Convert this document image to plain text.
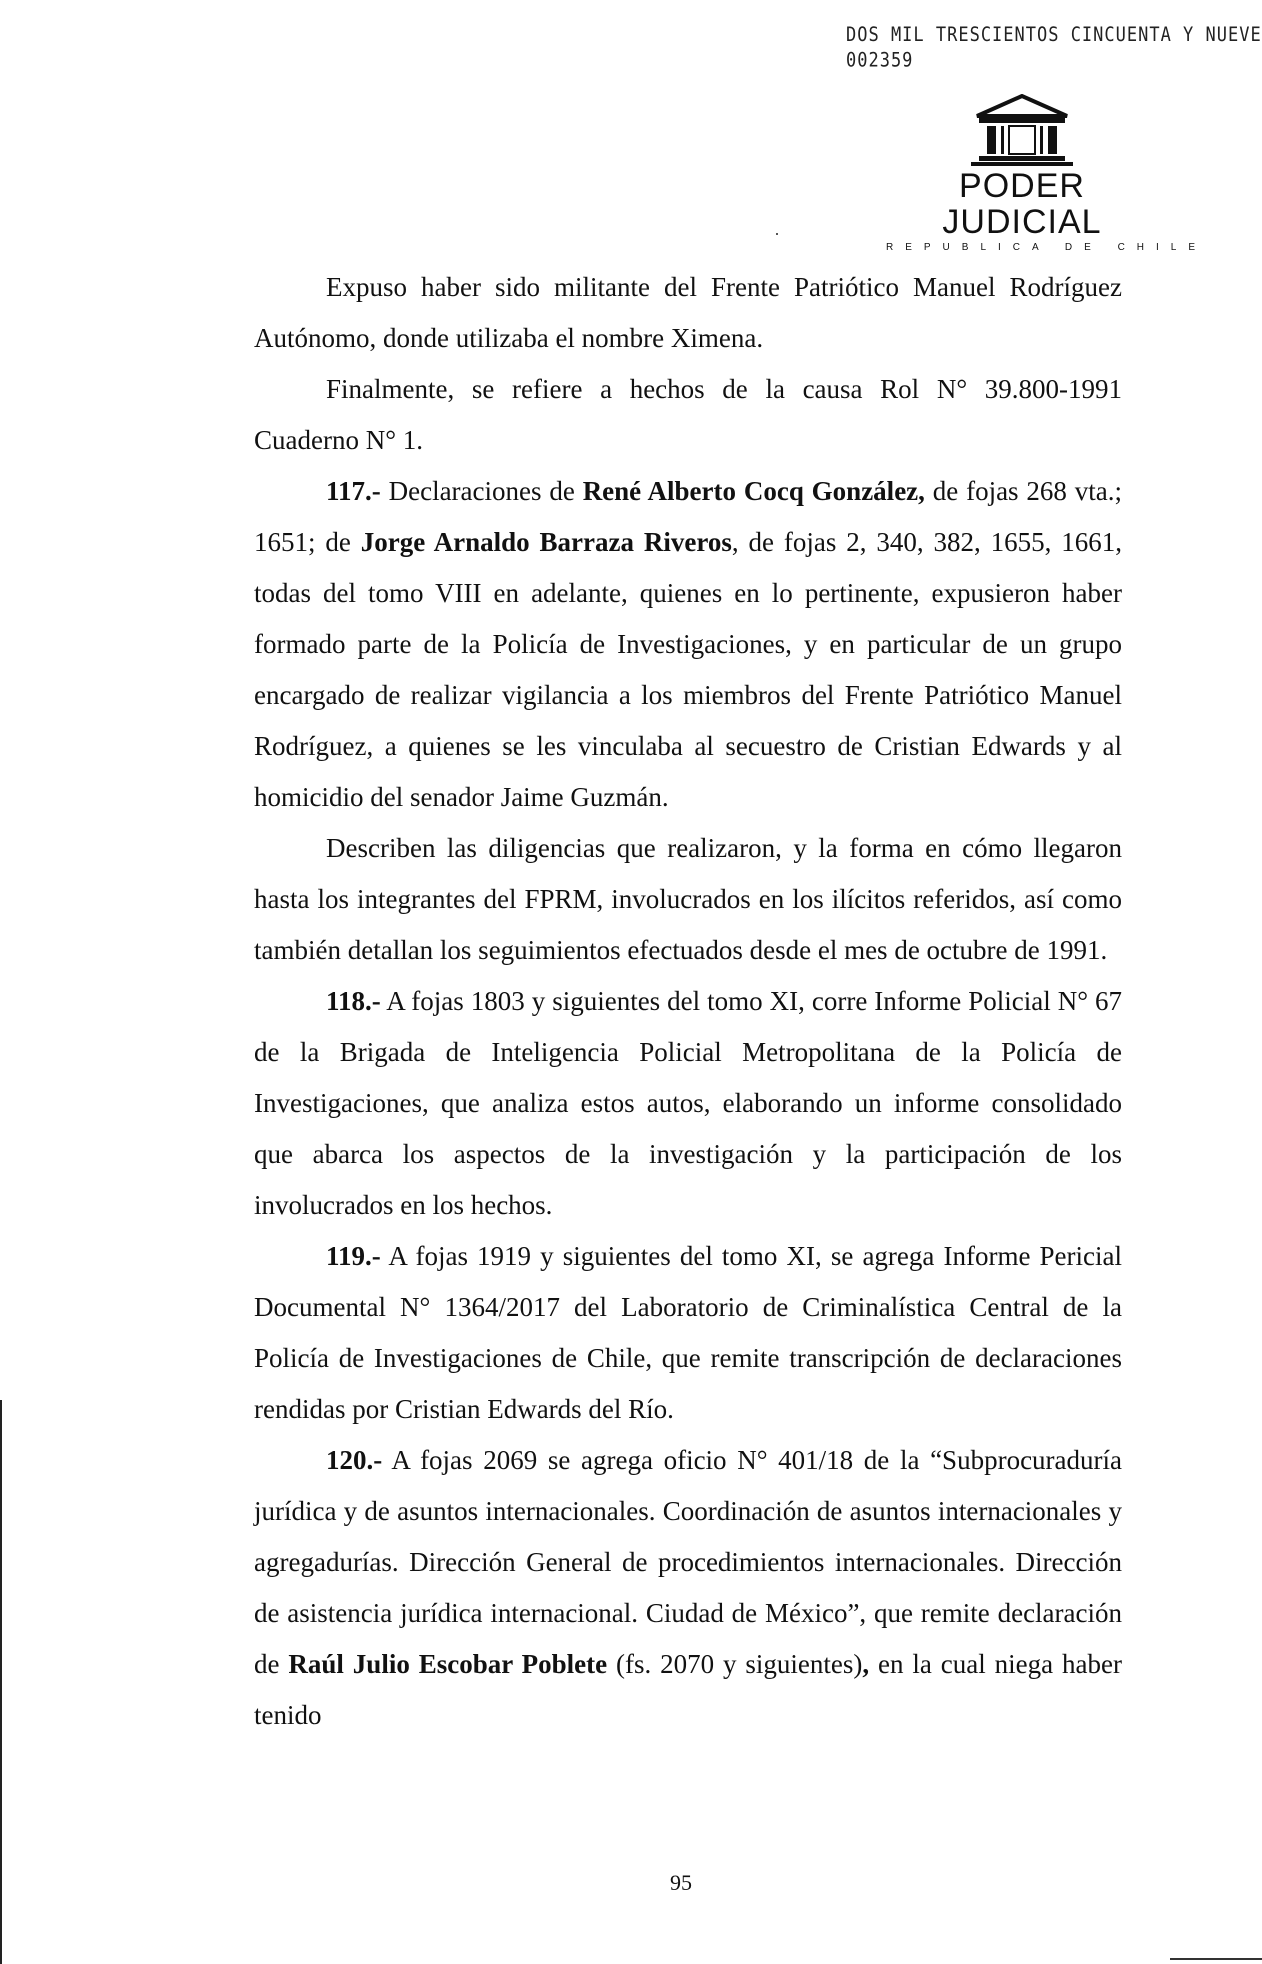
DOS MIL TRESCIENTOS CINCUENTA Y NUEVE
002359
PODER JUDICIAL
REPUBLICA DE CHILE

Expuso haber sido militante del Frente Patriótico Manuel Rodríguez Autónomo, donde utilizaba el nombre Ximena.

Finalmente, se refiere a hechos de la causa Rol N° 39.800-1991 Cuaderno N° 1.

117.- Declaraciones de René Alberto Cocq González, de fojas 268 vta.; 1651; de Jorge Arnaldo Barraza Riveros, de fojas 2, 340, 382, 1655, 1661, todas del tomo VIII en adelante, quienes en lo pertinente, expusieron haber formado parte de la Policía de Investigaciones, y en particular de un grupo encargado de realizar vigilancia a los miembros del Frente Patriótico Manuel Rodríguez, a quienes se les vinculaba al secuestro de Cristian Edwards y al homicidio del senador Jaime Guzmán.

Describen las diligencias que realizaron, y la forma en cómo llegaron hasta los integrantes del FPRM, involucrados en los ilícitos referidos, así como también detallan los seguimientos efectuados desde el mes de octubre de 1991.

118.- A fojas 1803 y siguientes del tomo XI, corre Informe Policial N° 67 de la Brigada de Inteligencia Policial Metropolitana de la Policía de Investigaciones, que analiza estos autos, elaborando un informe consolidado que abarca los aspectos de la investigación y la participación de los involucrados en los hechos.

119.- A fojas 1919 y siguientes del tomo XI, se agrega Informe Pericial Documental N° 1364/2017 del Laboratorio de Criminalística Central de la Policía de Investigaciones de Chile, que remite transcripción de declaraciones rendidas por Cristian Edwards del Río.

120.- A fojas 2069 se agrega oficio N° 401/18 de la “Subprocuraduría jurídica y de asuntos internacionales. Coordinación de asuntos internacionales y agregadurías. Dirección General de procedimientos internacionales. Dirección de asistencia jurídica internacional. Ciudad de México”, que remite declaración de Raúl Julio Escobar Poblete (fs. 2070 y siguientes), en la cual niega haber tenido

95
